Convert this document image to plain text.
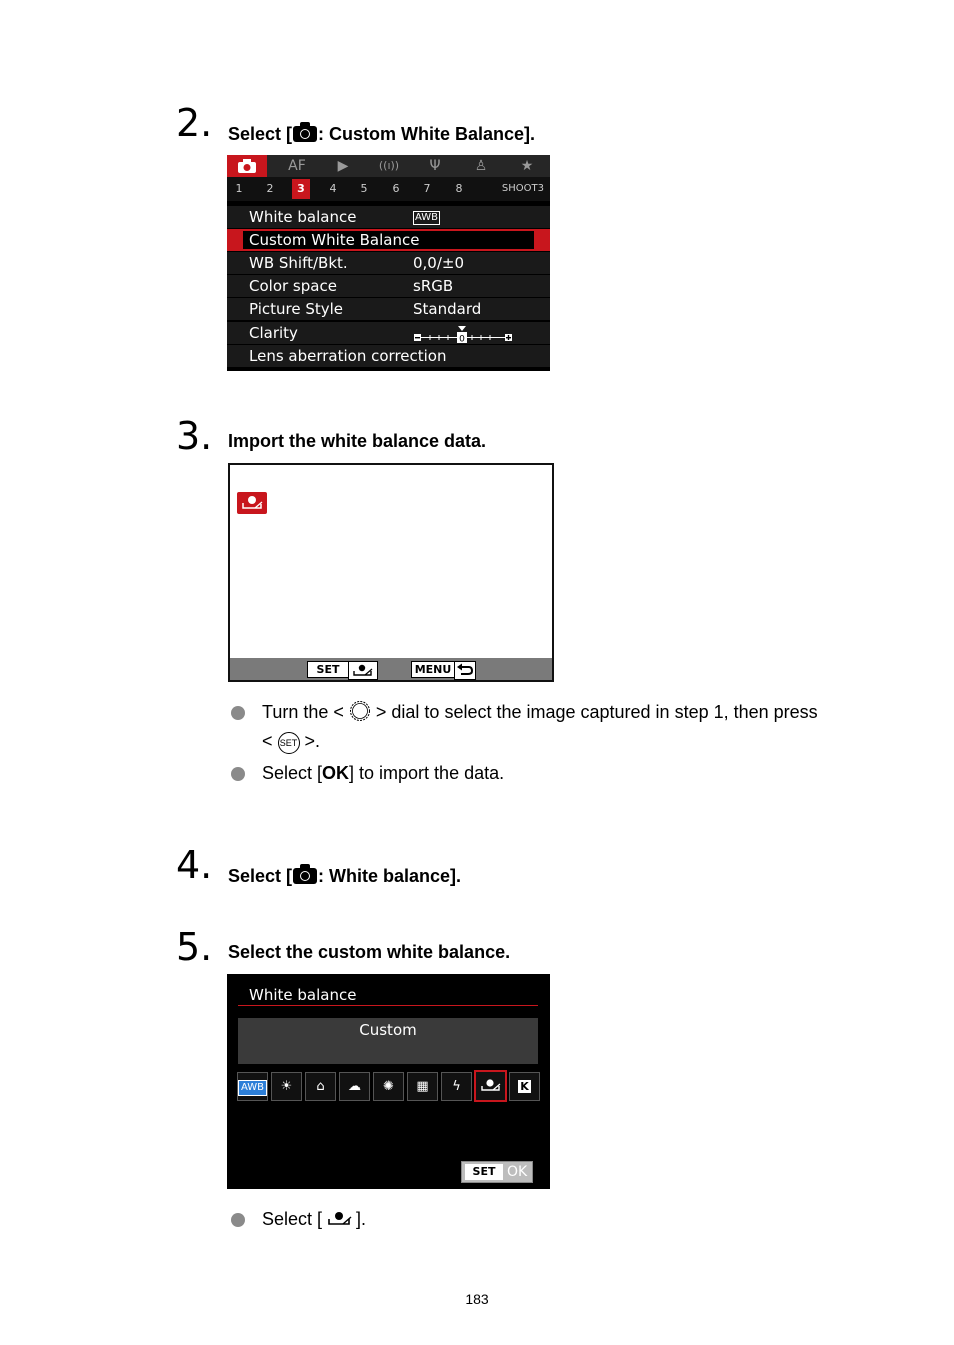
2. Select [ : Custom White Balance].
AF	▶	((ı))	Ψ	♙	★
1	2	3	4	5	6	7	8	SHOOT3
White balance	AWB
Custom White Balance
WB Shift/Bkt.	0,0/±0
Color space	sRGB
Picture Style	Standard
Clarity	0
Lens aberration correction
3. Import the white balance data.
SET	MENU
Turn the <  > dial to select the image captured in step 1, then press
< SET >.
Select [OK] to import the data.
4. Select [ : White balance].
5. Select the custom white balance.
White balance
Custom
AWB	☀	⌂	☁	✺	▦	ϟ	K
SET OK
Select [ ].
183
